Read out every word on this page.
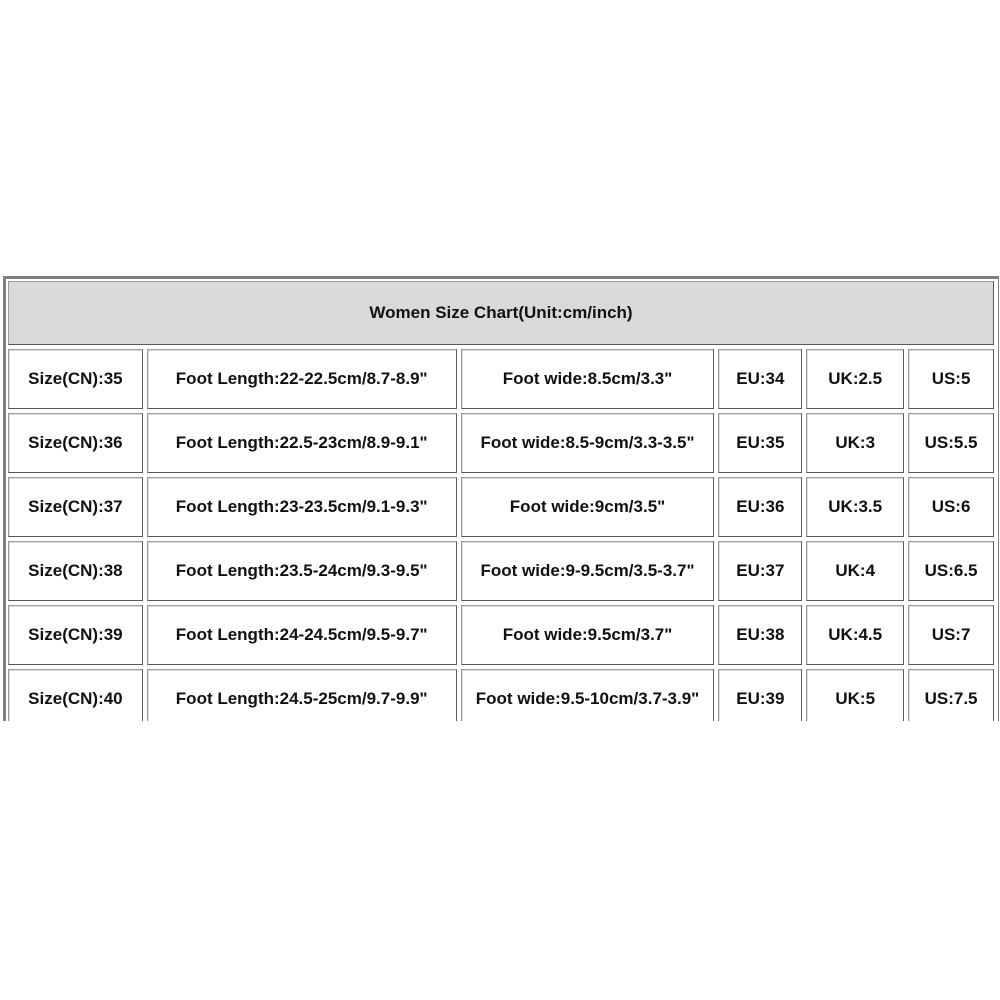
Women Size Chart(Unit:cm/inch)					
Size(CN):35	Foot Length:22-22.5cm/8.7-8.9"	Foot wide:8.5cm/3.3"	EU:34	UK:2.5	US:5
Size(CN):36	Foot Length:22.5-23cm/8.9-9.1"	Foot wide:8.5-9cm/3.3-3.5"	EU:35	UK:3	US:5.5
Size(CN):37	Foot Length:23-23.5cm/9.1-9.3"	Foot wide:9cm/3.5"	EU:36	UK:3.5	US:6
Size(CN):38	Foot Length:23.5-24cm/9.3-9.5"	Foot wide:9-9.5cm/3.5-3.7"	EU:37	UK:4	US:6.5
Size(CN):39	Foot Length:24-24.5cm/9.5-9.7"	Foot wide:9.5cm/3.7"	EU:38	UK:4.5	US:7
Size(CN):40	Foot Length:24.5-25cm/9.7-9.9"	Foot wide:9.5-10cm/3.7-3.9"	EU:39	UK:5	US:7.5
